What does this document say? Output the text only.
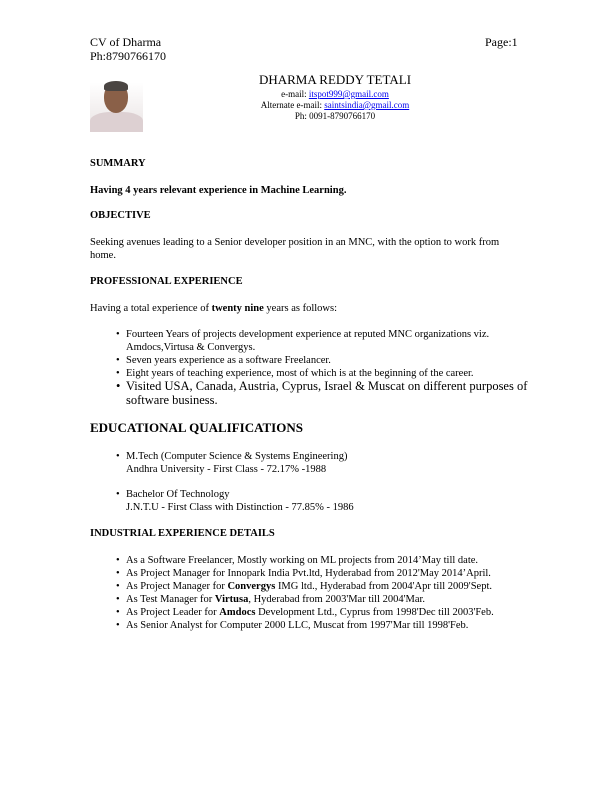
CV of Dharma
Ph:8790766170
Page:1
DHARMA REDDY TETALI
e-mail: itspot999@gmail.com
Alternate e-mail: saintsindia@gmail.com
Ph: 0091-8790766170
SUMMARY
Having 4 years relevant experience in Machine Learning.
OBJECTIVE
Seeking avenues leading to a Senior developer position in an MNC, with the option to work from
home.
PROFESSIONAL EXPERIENCE
Having a total experience of twenty nine years as follows:
Fourteen Years of projects development experience at reputed MNC organizations viz.
Amdocs,Virtusa & Convergys.
Seven years experience as a software Freelancer.
Eight years of teaching experience, most of which is at the beginning of the career.
Visited USA, Canada, Austria, Cyprus, Israel & Muscat on different purposes of
software business.
EDUCATIONAL QUALIFICATIONS
M.Tech (Computer Science & Systems Engineering)
Andhra University - First Class - 72.17% -1988
Bachelor Of Technology
J.N.T.U - First Class with Distinction - 77.85% - 1986
INDUSTRIAL EXPERIENCE DETAILS
As a Software Freelancer, Mostly working on ML projects from 2014’May till date.
As Project Manager for Innopark India Pvt.ltd, Hyderabad from 2012'May 2014’April.
As Project Manager for Convergys IMG ltd., Hyderabad from 2004'Apr till 2009'Sept.
As Test Manager for Virtusa, Hyderabad from 2003'Mar till 2004'Mar.
As Project Leader for Amdocs Development Ltd., Cyprus from 1998'Dec till 2003'Feb.
As Senior Analyst for Computer 2000 LLC, Muscat from 1997'Mar till 1998'Feb.
